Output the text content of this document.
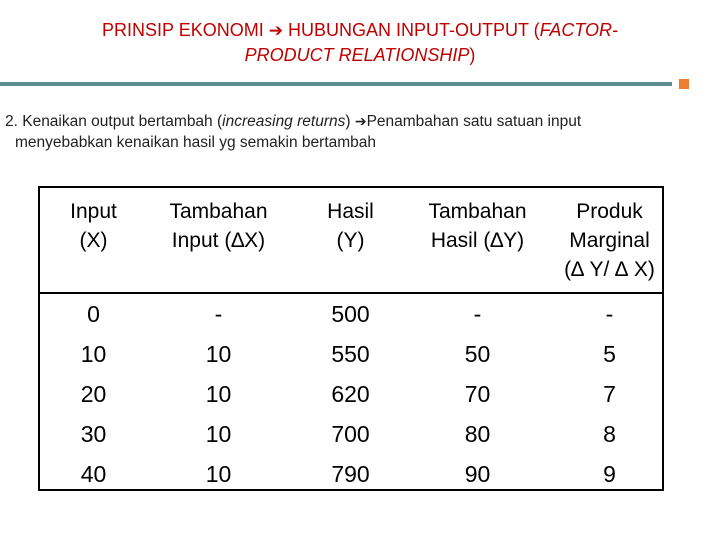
PRINSIP EKONOMI ➔ HUBUNGAN INPUT-OUTPUT (FACTOR-
PRODUCT RELATIONSHIP)
2. Kenaikan output bertambah (increasing returns) ➔Penambahan satu satuan input
menyebabkan kenaikan hasil yg semakin bertambah
Input
(X)
0
10
20
30
40
Tambahan
Input (∆X)
-
10
10
10
10
Hasil
(Y)
500
550
620
700
790
Tambahan
Hasil (∆Y)
-
50
70
80
90
Produk
Marginal
(∆ Y/ ∆ X)
-
5
7
8
9
